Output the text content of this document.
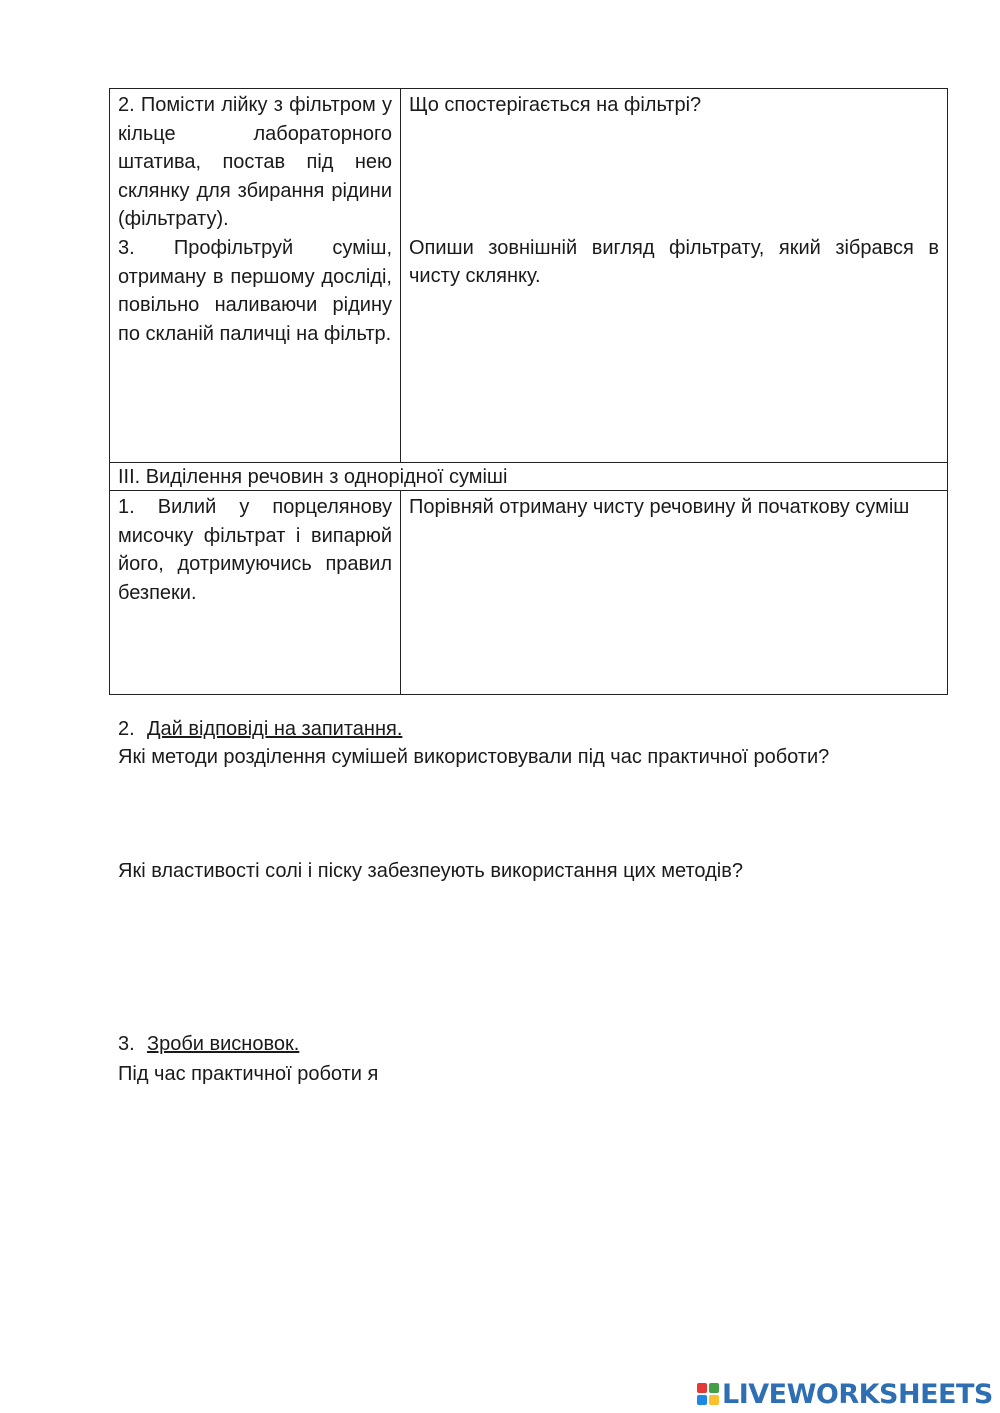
2. Помісти лійку з фільтром у кільце лабораторного штатива, постав під нею склянку для збирання рідини (фільтрату).
3. Профільтруй суміш, отриману в першому досліді, повільно наливаючи рідину по скланій паличці на фільтр.
Що спостерігається на фільтрі?
Опиши зовнішній вигляд фільтрату, який зібрався в чисту склянку.
ІІІ. Виділення речовин з однорідної суміші
1. Вилий у порцелянову мисочку фільтрат і випарюй його, дотримуючись правил безпеки.
Порівняй отриману чисту речовину й початкову суміш
2. Дай відповіді на запитання.
Які методи розділення сумішей використовували під час практичної роботи?
Які властивості солі і піску забезпеують використання цих методів?
3. Зроби висновок.
Під час практичної роботи я
LIVEWORKSHEETS
